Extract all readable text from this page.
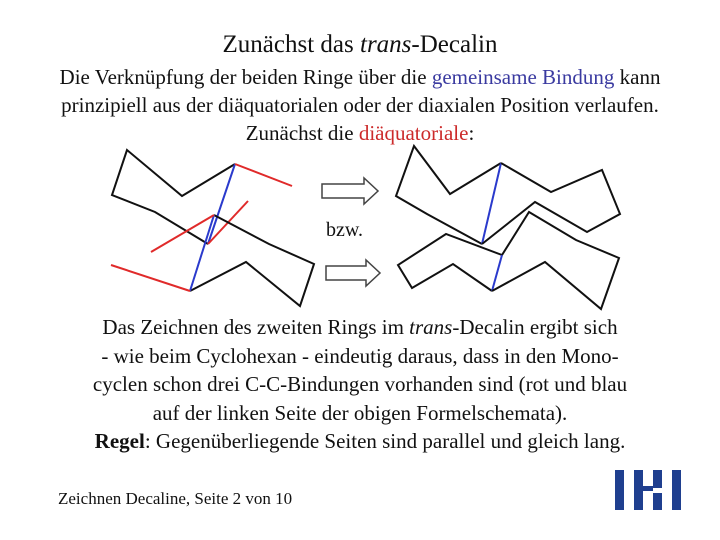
Zunächst das trans-Decalin
Die Verknüpfung der beiden Ringe über die gemeinsame Bindung kann
prinzipiell aus der diäquatorialen oder der diaxialen Position verlaufen.
Zunächst die diäquatoriale:
bzw.
Das Zeichnen des zweiten Rings im trans-Decalin ergibt sich
- wie beim Cyclohexan - eindeutig daraus, dass in den Mono-
cyclen schon drei C-C-Bindungen vorhanden sind (rot und blau
auf der linken Seite der obigen Formelschemata).
Regel: Gegenüberliegende Seiten sind parallel und gleich lang.
Zeichnen Decaline, Seite 2 von 10
